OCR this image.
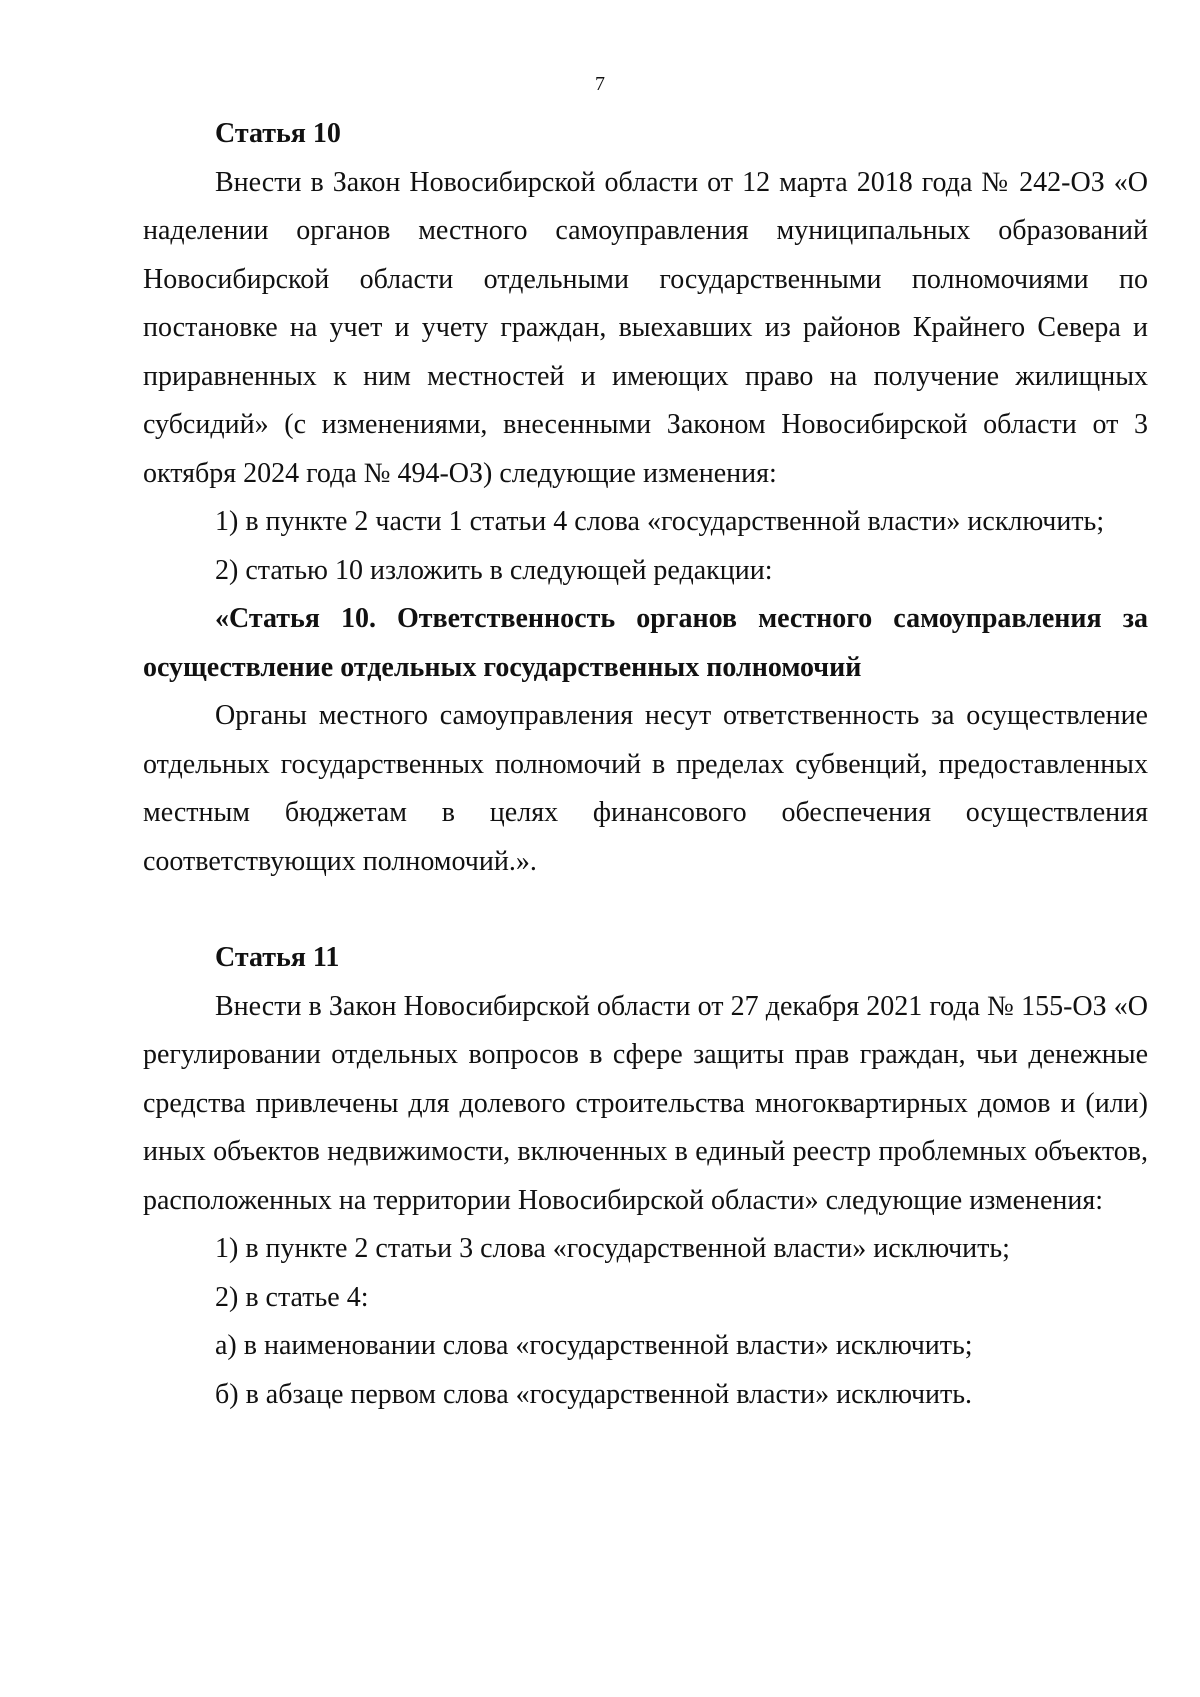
7

Статья 10

Внести в Закон Новосибирской области от 12 марта 2018 года № 242-ОЗ «О наделении органов местного самоуправления муниципальных образований Новосибирской области отдельными государственными полномочиями по постановке на учет и учету граждан, выехавших из районов Крайнего Севера и приравненных к ним местностей и имеющих право на получение жилищных субсидий» (с изменениями, внесенными Законом Новосибирской области от 3 октября 2024 года № 494-ОЗ) следующие изменения:

1) в пункте 2 части 1 статьи 4 слова «государственной власти» исключить;

2) статью 10 изложить в следующей редакции:

«Статья 10. Ответственность органов местного самоуправления за осуществление отдельных государственных полномочий

Органы местного самоуправления несут ответственность за осуществление отдельных государственных полномочий в пределах субвенций, предоставленных местным бюджетам в целях финансового обеспечения осуществления соответствующих полномочий.».

Статья 11

Внести в Закон Новосибирской области от 27 декабря 2021 года № 155-ОЗ «О регулировании отдельных вопросов в сфере защиты прав граждан, чьи денежные средства привлечены для долевого строительства многоквартирных домов и (или) иных объектов недвижимости, включенных в единый реестр проблемных объектов, расположенных на территории Новосибирской области» следующие изменения:

1) в пункте 2 статьи 3 слова «государственной власти» исключить;

2) в статье 4:

а) в наименовании слова «государственной власти» исключить;

б) в абзаце первом слова «государственной власти» исключить.
